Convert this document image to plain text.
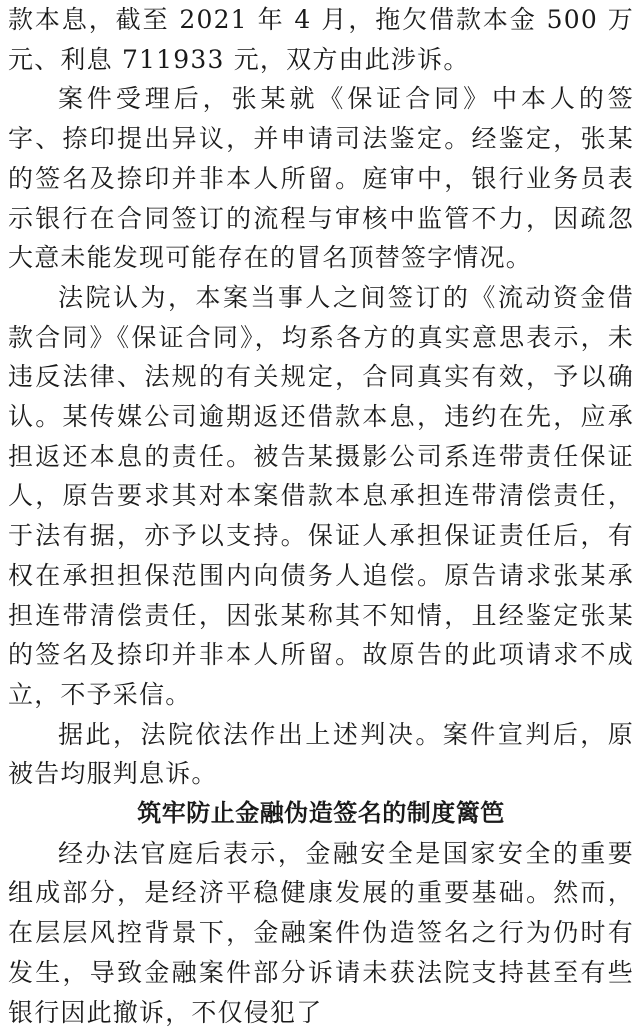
款本息，截至 2021 年 4 月，拖欠借款本金 500 万元、利息 711933 元，双方由此涉诉。

案件受理后，张某就《保证合同》中本人的签字、捺印提出异议，并申请司法鉴定。经鉴定，张某的签名及捺印并非本人所留。庭审中，银行业务员表示银行在合同签订的流程与审核中监管不力，因疏忽大意未能发现可能存在的冒名顶替签字情况。

法院认为，本案当事人之间签订的《流动资金借款合同》《保证合同》，均系各方的真实意思表示，未违反法律、法规的有关规定，合同真实有效，予以确认。某传媒公司逾期返还借款本息，违约在先，应承担返还本息的责任。被告某摄影公司系连带责任保证人，原告要求其对本案借款本息承担连带清偿责任，于法有据，亦予以支持。保证人承担保证责任后，有权在承担担保范围内向债务人追偿。原告请求张某承担连带清偿责任，因张某称其不知情，且经鉴定张某的签名及捺印并非本人所留。故原告的此项请求不成立，不予采信。

据此，法院依法作出上述判决。案件宣判后，原被告均服判息诉。

筑牢防止金融伪造签名的制度篱笆

经办法官庭后表示，金融安全是国家安全的重要组成部分，是经济平稳健康发展的重要基础。然而，在层层风控背景下，金融案件伪造签名之行为仍时有发生，导致金融案件部分诉请未获法院支持甚至有些银行因此撤诉，不仅侵犯了
